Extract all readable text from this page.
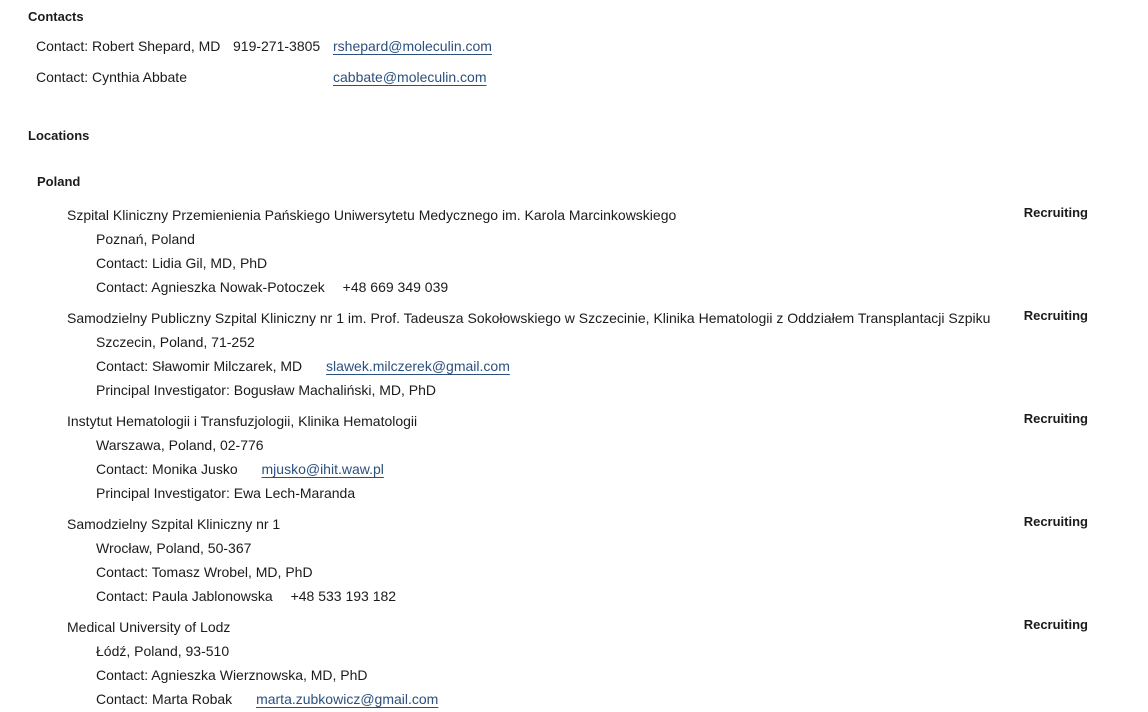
Contacts
Contact: Robert Shepard, MD 919-271-3805 rshepard@moleculin.com
Contact: Cynthia Abbate	cabbate@moleculin.com
Locations
Poland
Szpital Kliniczny Przemienienia Pańskiego Uniwersytetu Medycznego im. Karola Marcinkowskiego	Recruiting
Poznań, Poland
Contact: Lidia Gil, MD, PhD
Contact: Agnieszka Nowak-Potoczek +48 669 349 039
Samodzielny Publiczny Szpital Kliniczny nr 1 im. Prof. Tadeusza Sokołowskiego w Szczecinie, Klinika Hematologii z Oddziałem Transplantacji Szpiku	Recruiting
Szczecin, Poland, 71-252
Contact: Sławomir Milczarek, MD slawek.milczerek@gmail.com
Principal Investigator: Bogusław Machaliński, MD, PhD
Instytut Hematologii i Transfuzjologii, Klinika Hematologii	Recruiting
Warszawa, Poland, 02-776
Contact: Monika Jusko mjusko@ihit.waw.pl
Principal Investigator: Ewa Lech-Maranda
Samodzielny Szpital Kliniczny nr 1	Recruiting
Wrocław, Poland, 50-367
Contact: Tomasz Wrobel, MD, PhD
Contact: Paula Jablonowska +48 533 193 182
Medical University of Lodz	Recruiting
Łódź, Poland, 93-510
Contact: Agnieszka Wierznowska, MD, PhD
Contact: Marta Robak marta.zubkowicz@gmail.com
